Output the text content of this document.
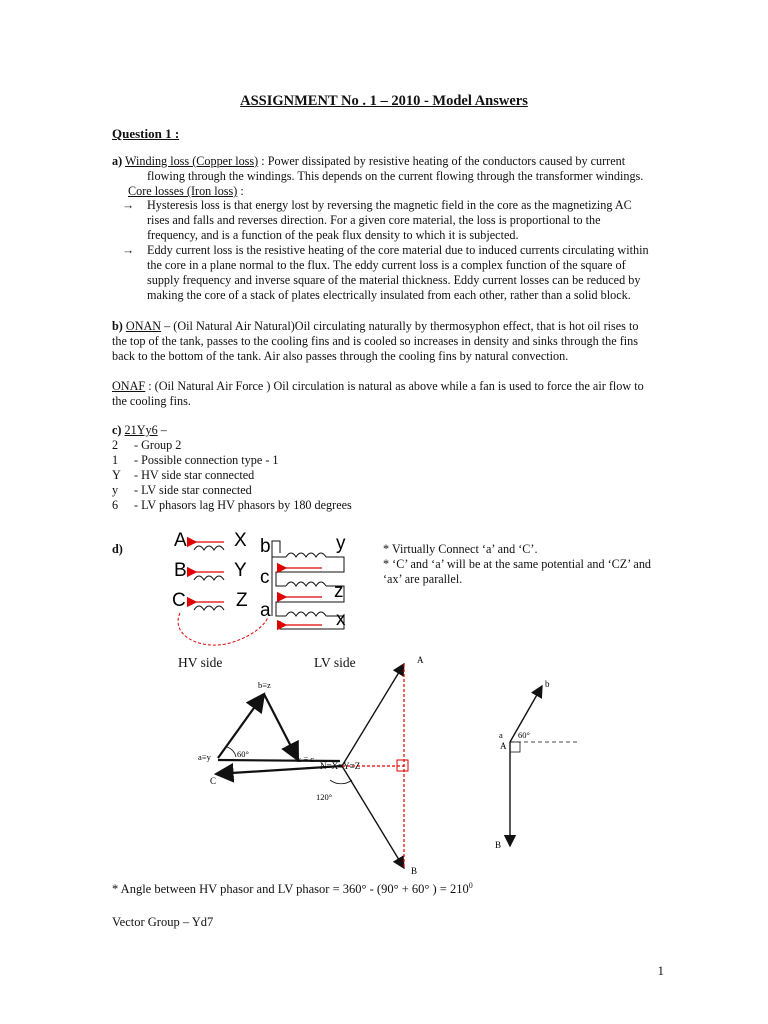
ASSIGNMENT No . 1 – 2010 - Model Answers
Question 1 :
a) Winding loss (Copper loss) : Power dissipated by resistive heating of the conductors caused by current
flowing through the windings. This depends on the current flowing through the transformer windings.
Core losses (Iron loss) :
→ Hysteresis loss is that energy lost by reversing the magnetic field in the core as the magnetizing AC
rises and falls and reverses direction. For a given core material, the loss is proportional to the
frequency, and is a function of the peak flux density to which it is subjected.
→ Eddy current loss is the resistive heating of the core material due to induced currents circulating within
the core in a plane normal to the flux. The eddy current loss is a complex function of the square of
supply frequency and inverse square of the material thickness. Eddy current losses can be reduced by
making the core of a stack of plates electrically insulated from each other, rather than a solid block.
b) ONAN – (Oil Natural Air Natural)Oil circulating naturally by thermosyphon effect, that is hot oil rises to
the top of the tank, passes to the cooling fins and is cooled so increases in density and sinks through the fins
back to the bottom of the tank. Air also passes through the cooling fins by natural convection.
ONAF : (Oil Natural Air Force ) Oil circulation is natural as above while a fan is used to force the air flow to
the cooling fins.
c) 21Yy6 –
2 - Group 2
1 - Possible connection type - 1
Y - HV side star connected
y - LV side star connected
6 - LV phasors lag HV phasors by 180 degrees
d)	* Virtually Connect ‘a’ and ‘C’.
* ‘C’ and ‘a’ will be at the same potential and ‘CZ’ and
‘ax’ are parallel.
A X
B Y
C	Z
b	y
c
z
a	x
HV side	LV side
b≡z
a≡y	60°	x ≡ c
C
N≡X≡Y≡Z
120°
A
B
b
a
A
60°
B
* Angle between HV phasor and LV phasor = 360° - (90° + 60° ) = $210^0$
Vector Group – Yd7
1
